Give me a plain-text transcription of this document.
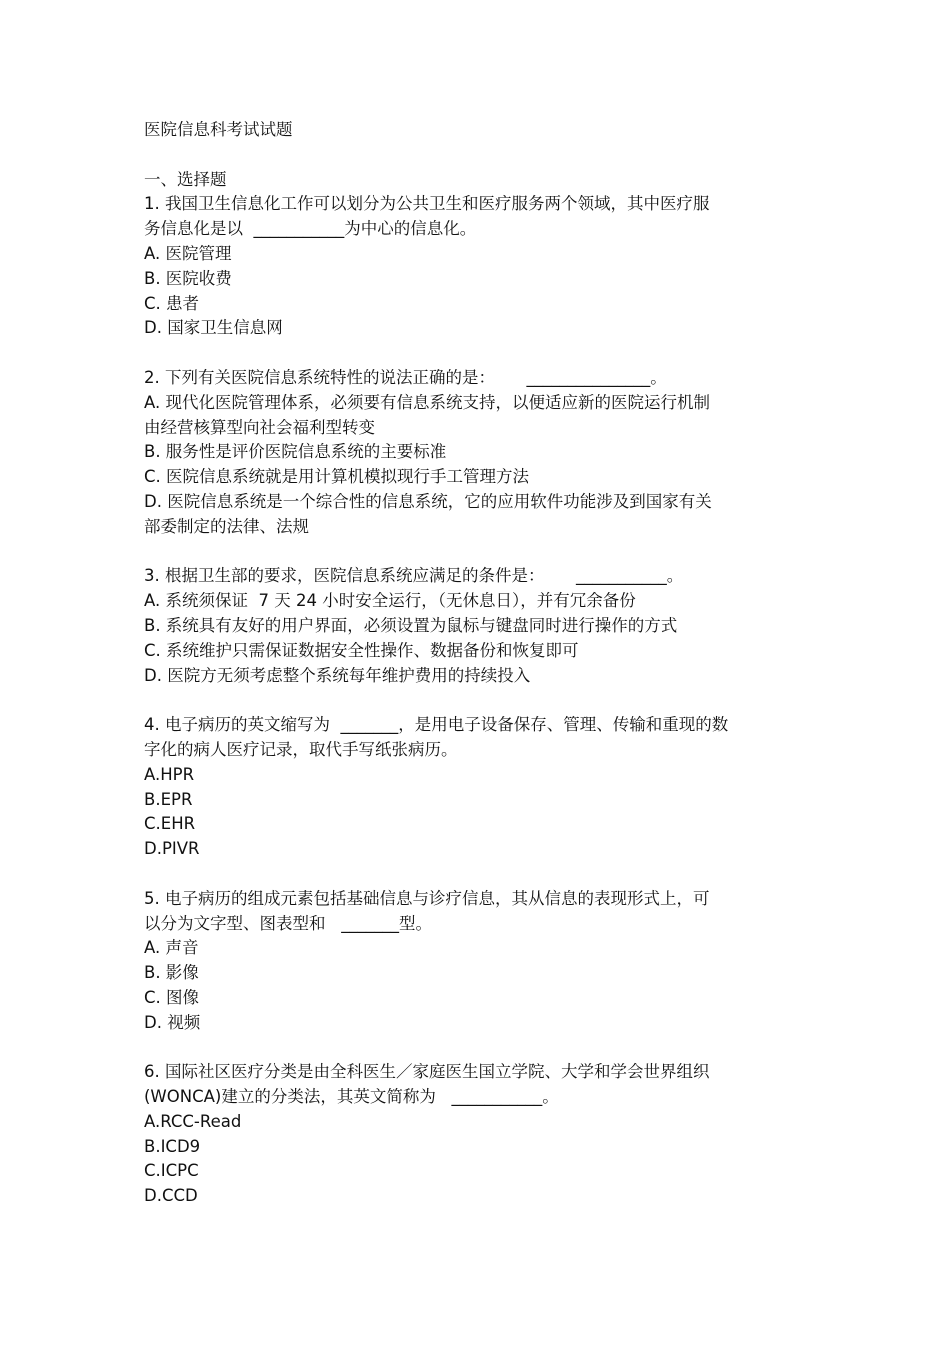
医院信息科考试试题
一、选择题
1. 我国卫生信息化工作可以划分为公共卫生和医疗服务两个领域，其中医疗服
务信息化是以  ___________为中心的信息化。
A. 医院管理
B. 医院收费
C. 患者
D. 国家卫生信息网
2. 下列有关医院信息系统特性的说法正确的是：      _______________。
A. 现代化医院管理体系，必须要有信息系统支持，以便适应新的医院运行机制
由经营核算型向社会福利型转变
B. 服务性是评价医院信息系统的主要标准
C. 医院信息系统就是用计算机模拟现行手工管理方法
D. 医院信息系统是一个综合性的信息系统，它的应用软件功能涉及到国家有关
部委制定的法律、法规
3. 根据卫生部的要求，医院信息系统应满足的条件是：      ___________。
A. 系统须保证  7 天 24 小时安全运行，（无休息日），并有冗余备份
B. 系统具有友好的用户界面，必须设置为鼠标与键盘同时进行操作的方式
C. 系统维护只需保证数据安全性操作、数据备份和恢复即可
D. 医院方无须考虑整个系统每年维护费用的持续投入
4. 电子病历的英文缩写为  _______，是用电子设备保存、管理、传输和重现的数
字化的病人医疗记录，取代手写纸张病历。
A.HPR
B.EPR
C.EHR
D.PIVR
5. 电子病历的组成元素包括基础信息与诊疗信息，其从信息的表现形式上，可
以分为文字型、图表型和   _______型。
A. 声音
B. 影像
C. 图像
D. 视频
6. 国际社区医疗分类是由全科医生／家庭医生国立学院、大学和学会世界组织
(WONCA)建立的分类法，其英文简称为   ___________。
A.RCC-Read
B.ICD9
C.ICPC
D.CCD
